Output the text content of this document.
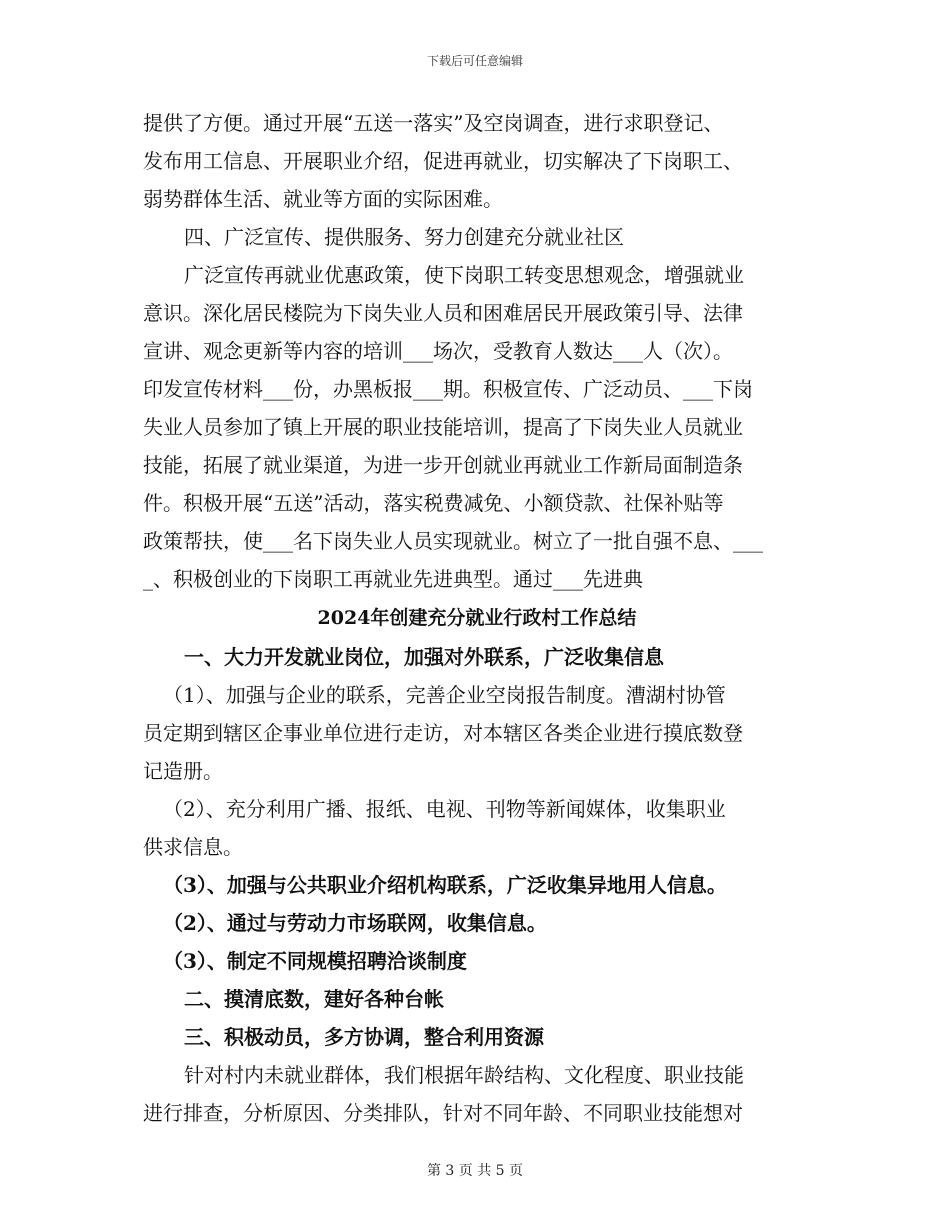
下载后可任意编辑
提供了方便。通过开展“五送一落实”及空岗调查，进行求职登记、
发布用工信息、开展职业介绍，促进再就业，切实解决了下岗职工、
弱势群体生活、就业等方面的实际困难。
四、广泛宣传、提供服务、努力创建充分就业社区
广泛宣传再就业优惠政策，使下岗职工转变思想观念，增强就业
意识。深化居民楼院为下岗失业人员和困难居民开展政策引导、法律
宣讲、观念更新等内容的培训___场次，受教育人数达___人（次）。
印发宣传材料___份，办黑板报___期。积极宣传、广泛动员、___下岗
失业人员参加了镇上开展的职业技能培训，提高了下岗失业人员就业
技能，拓展了就业渠道，为进一步开创就业再就业工作新局面制造条
件。积极开展“五送”活动，落实税费减免、小额贷款、社保补贴等
政策帮扶，使___名下岗失业人员实现就业。树立了一批自强不息、___
_、积极创业的下岗职工再就业先进典型。通过___先进典
2024年创建充分就业行政村工作总结
一、大力开发就业岗位，加强对外联系，广泛收集信息
（1）、加强与企业的联系，完善企业空岗报告制度。漕湖村协管
员定期到辖区企事业单位进行走访，对本辖区各类企业进行摸底数登
记造册。
（2）、充分利用广播、报纸、电视、刊物等新闻媒体，收集职业
供求信息。
（3）、加强与公共职业介绍机构联系，广泛收集异地用人信息。
（2）、通过与劳动力市场联网，收集信息。
（3）、制定不同规模招聘洽谈制度
二、摸清底数，建好各种台帐
三、积极动员，多方协调，整合利用资源
针对村内未就业群体，我们根据年龄结构、文化程度、职业技能
进行排查，分析原因、分类排队，针对不同年龄、不同职业技能想对
第 3 页 共 5 页
